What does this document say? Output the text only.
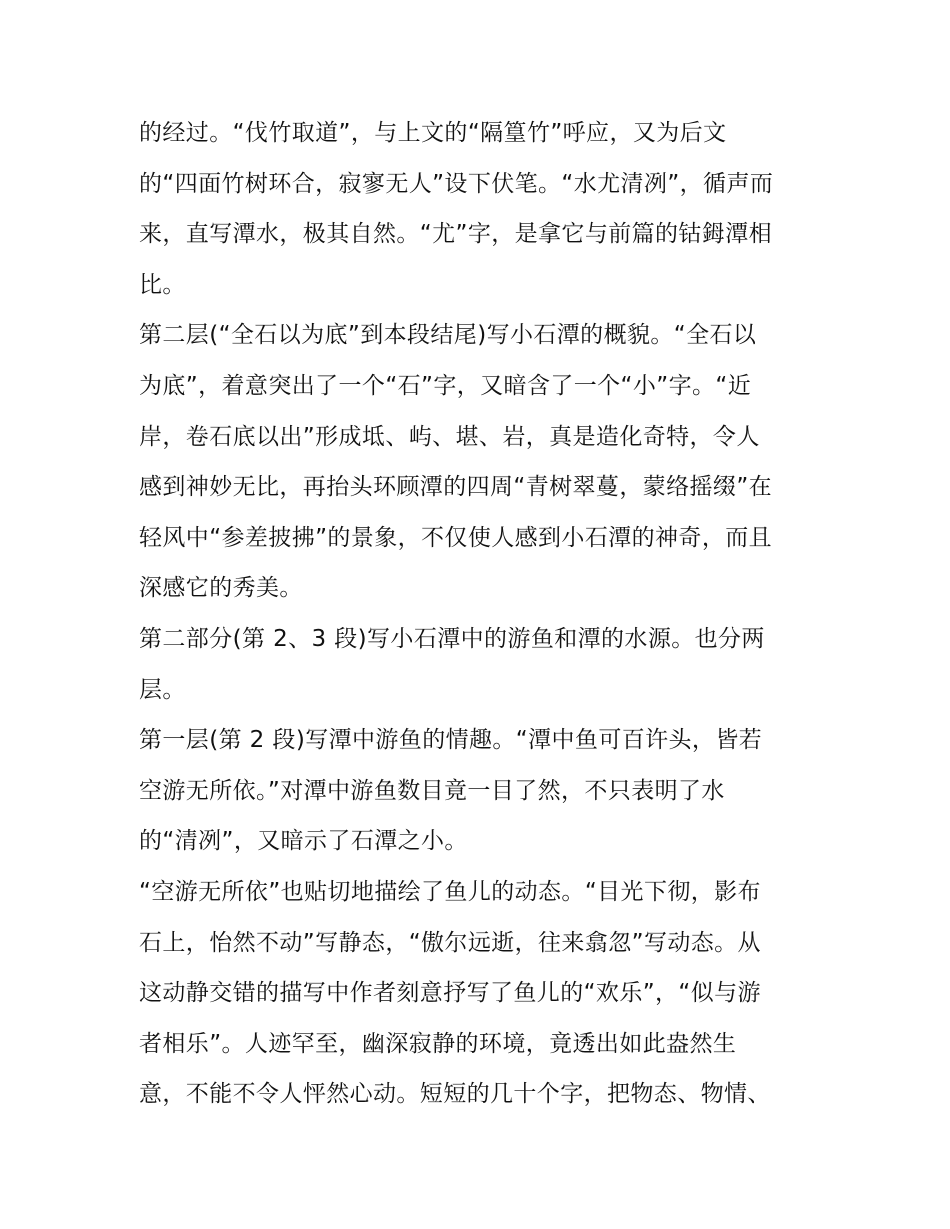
的经过。“伐竹取道”，与上文的“隔篁竹”呼应，又为后文
的“四面竹树环合，寂寥无人”设下伏笔。“水尤清冽”，循声而
来，直写潭水，极其自然。“尤”字，是拿它与前篇的钴鉧潭相
比。
第二层(“全石以为底”到本段结尾)写小石潭的概貌。“全石以
为底”，着意突出了一个“石”字，又暗含了一个“小”字。“近
岸，卷石底以出”形成坻、屿、堪、岩，真是造化奇特，令人
感到神妙无比，再抬头环顾潭的四周“青树翠蔓，蒙络摇缀”在
轻风中“参差披拂”的景象，不仅使人感到小石潭的神奇，而且
深感它的秀美。
第二部分(第 2、3 段)写小石潭中的游鱼和潭的水源。也分两
层。
第一层(第 2 段)写潭中游鱼的情趣。“潭中鱼可百许头，皆若
空游无所依。”对潭中游鱼数目竟一目了然，不只表明了水
的“清冽”，又暗示了石潭之小。
“空游无所依”也贴切地描绘了鱼儿的动态。“目光下彻，影布
石上，怡然不动”写静态，“傲尔远逝，往来翕忽”写动态。从
这动静交错的描写中作者刻意抒写了鱼儿的“欢乐”，“似与游
者相乐”。人迹罕至，幽深寂静的环境，竟透出如此盎然生
意，不能不令人怦然心动。短短的几十个字，把物态、物情、
